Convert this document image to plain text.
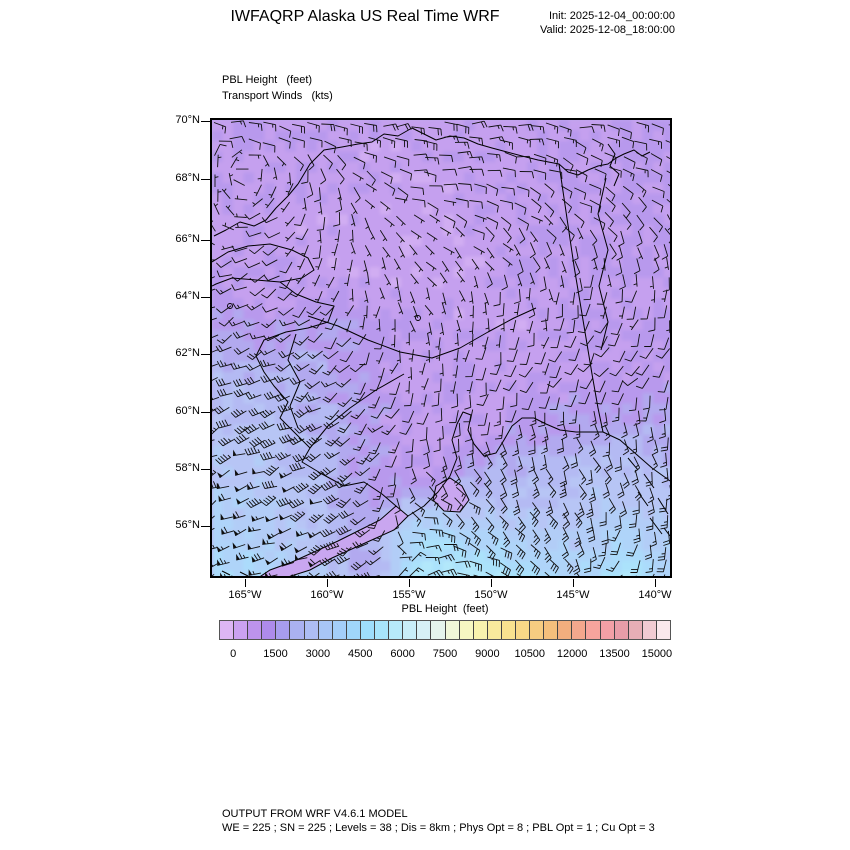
IWFAQRP Alaska US Real Time WRF	Init: 2025-12-04_00:00:00
Valid: 2025-12-08_18:00:00
PBL Height   (feet)
Transport Winds   (kts)
70°N
68°N
66°N
64°N
62°N
60°N
58°N
56°N
165°W	160°W	155°W	150°W	145°W	140°W
PBL Height  (feet)
0	1500	3000	4500	6000	7500	9000	10500	12000	13500	15000
OUTPUT FROM WRF V4.6.1 MODEL
WE = 225 ; SN = 225 ; Levels = 38 ; Dis = 8km ; Phys Opt = 8 ; PBL Opt = 1 ; Cu Opt = 3
